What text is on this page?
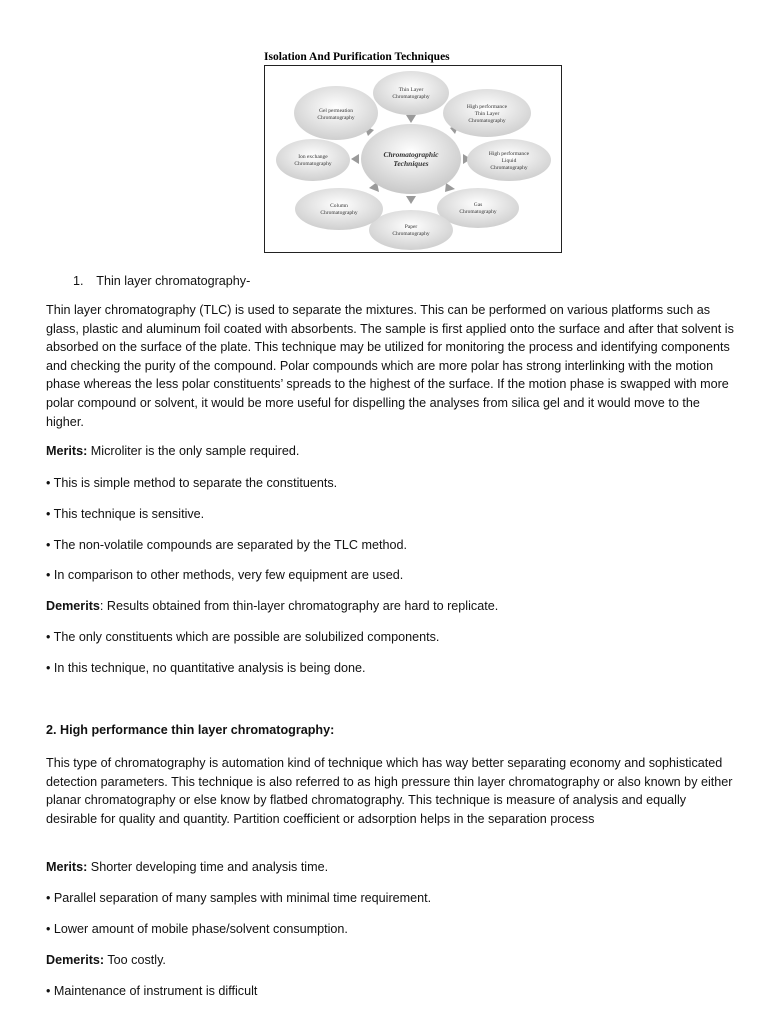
Isolation And Purification Techniques
Chromatographic
Techniques
Thin Layer
Chromatography
High performance
Thin Layer
Chromatography
High performance
Liquid
Chromatography
Gas
Chromatography
Paper
Chromatography
Column
Chromatography
Ion exchange
Chromatography
Gel permeation
Chromatography
1. Thin layer chromatography-
Thin layer chromatography (TLC) is used to separate the mixtures. This can be performed on various platforms such as glass, plastic and aluminum foil coated with absorbents. The sample is first applied onto the surface and after that solvent is absorbed on the surface of the plate. This technique may be utilized for monitoring the process and identifying components and checking the purity of the compound. Polar compounds which are more polar has strong interlinking with the motion phase whereas the less polar constituents’ spreads to the highest of the surface. If the motion phase is swapped with more polar compound or solvent, it would be more useful for dispelling the analyses from silica gel and it would move to the higher.
Merits: Microliter is the only sample required.
• This is simple method to separate the constituents.
• This technique is sensitive.
• The non-volatile compounds are separated by the TLC method.
• In comparison to other methods, very few equipment are used.
Demerits: Results obtained from thin-layer chromatography are hard to replicate.
• The only constituents which are possible are solubilized components.
• In this technique, no quantitative analysis is being done.
2. High performance thin layer chromatography:
This type of chromatography is automation kind of technique which has way better separating economy and sophisticated detection parameters. This technique is also referred to as high pressure thin layer chromatography or also known by either planar chromatography or else know by flatbed chromatography. This technique is measure of analysis and equally desirable for quality and quantity. Partition coefficient or adsorption helps in the separation process
Merits: Shorter developing time and analysis time.
• Parallel separation of many samples with minimal time requirement.
• Lower amount of mobile phase/solvent consumption.
Demerits: Too costly.
• Maintenance of instrument is difficult
